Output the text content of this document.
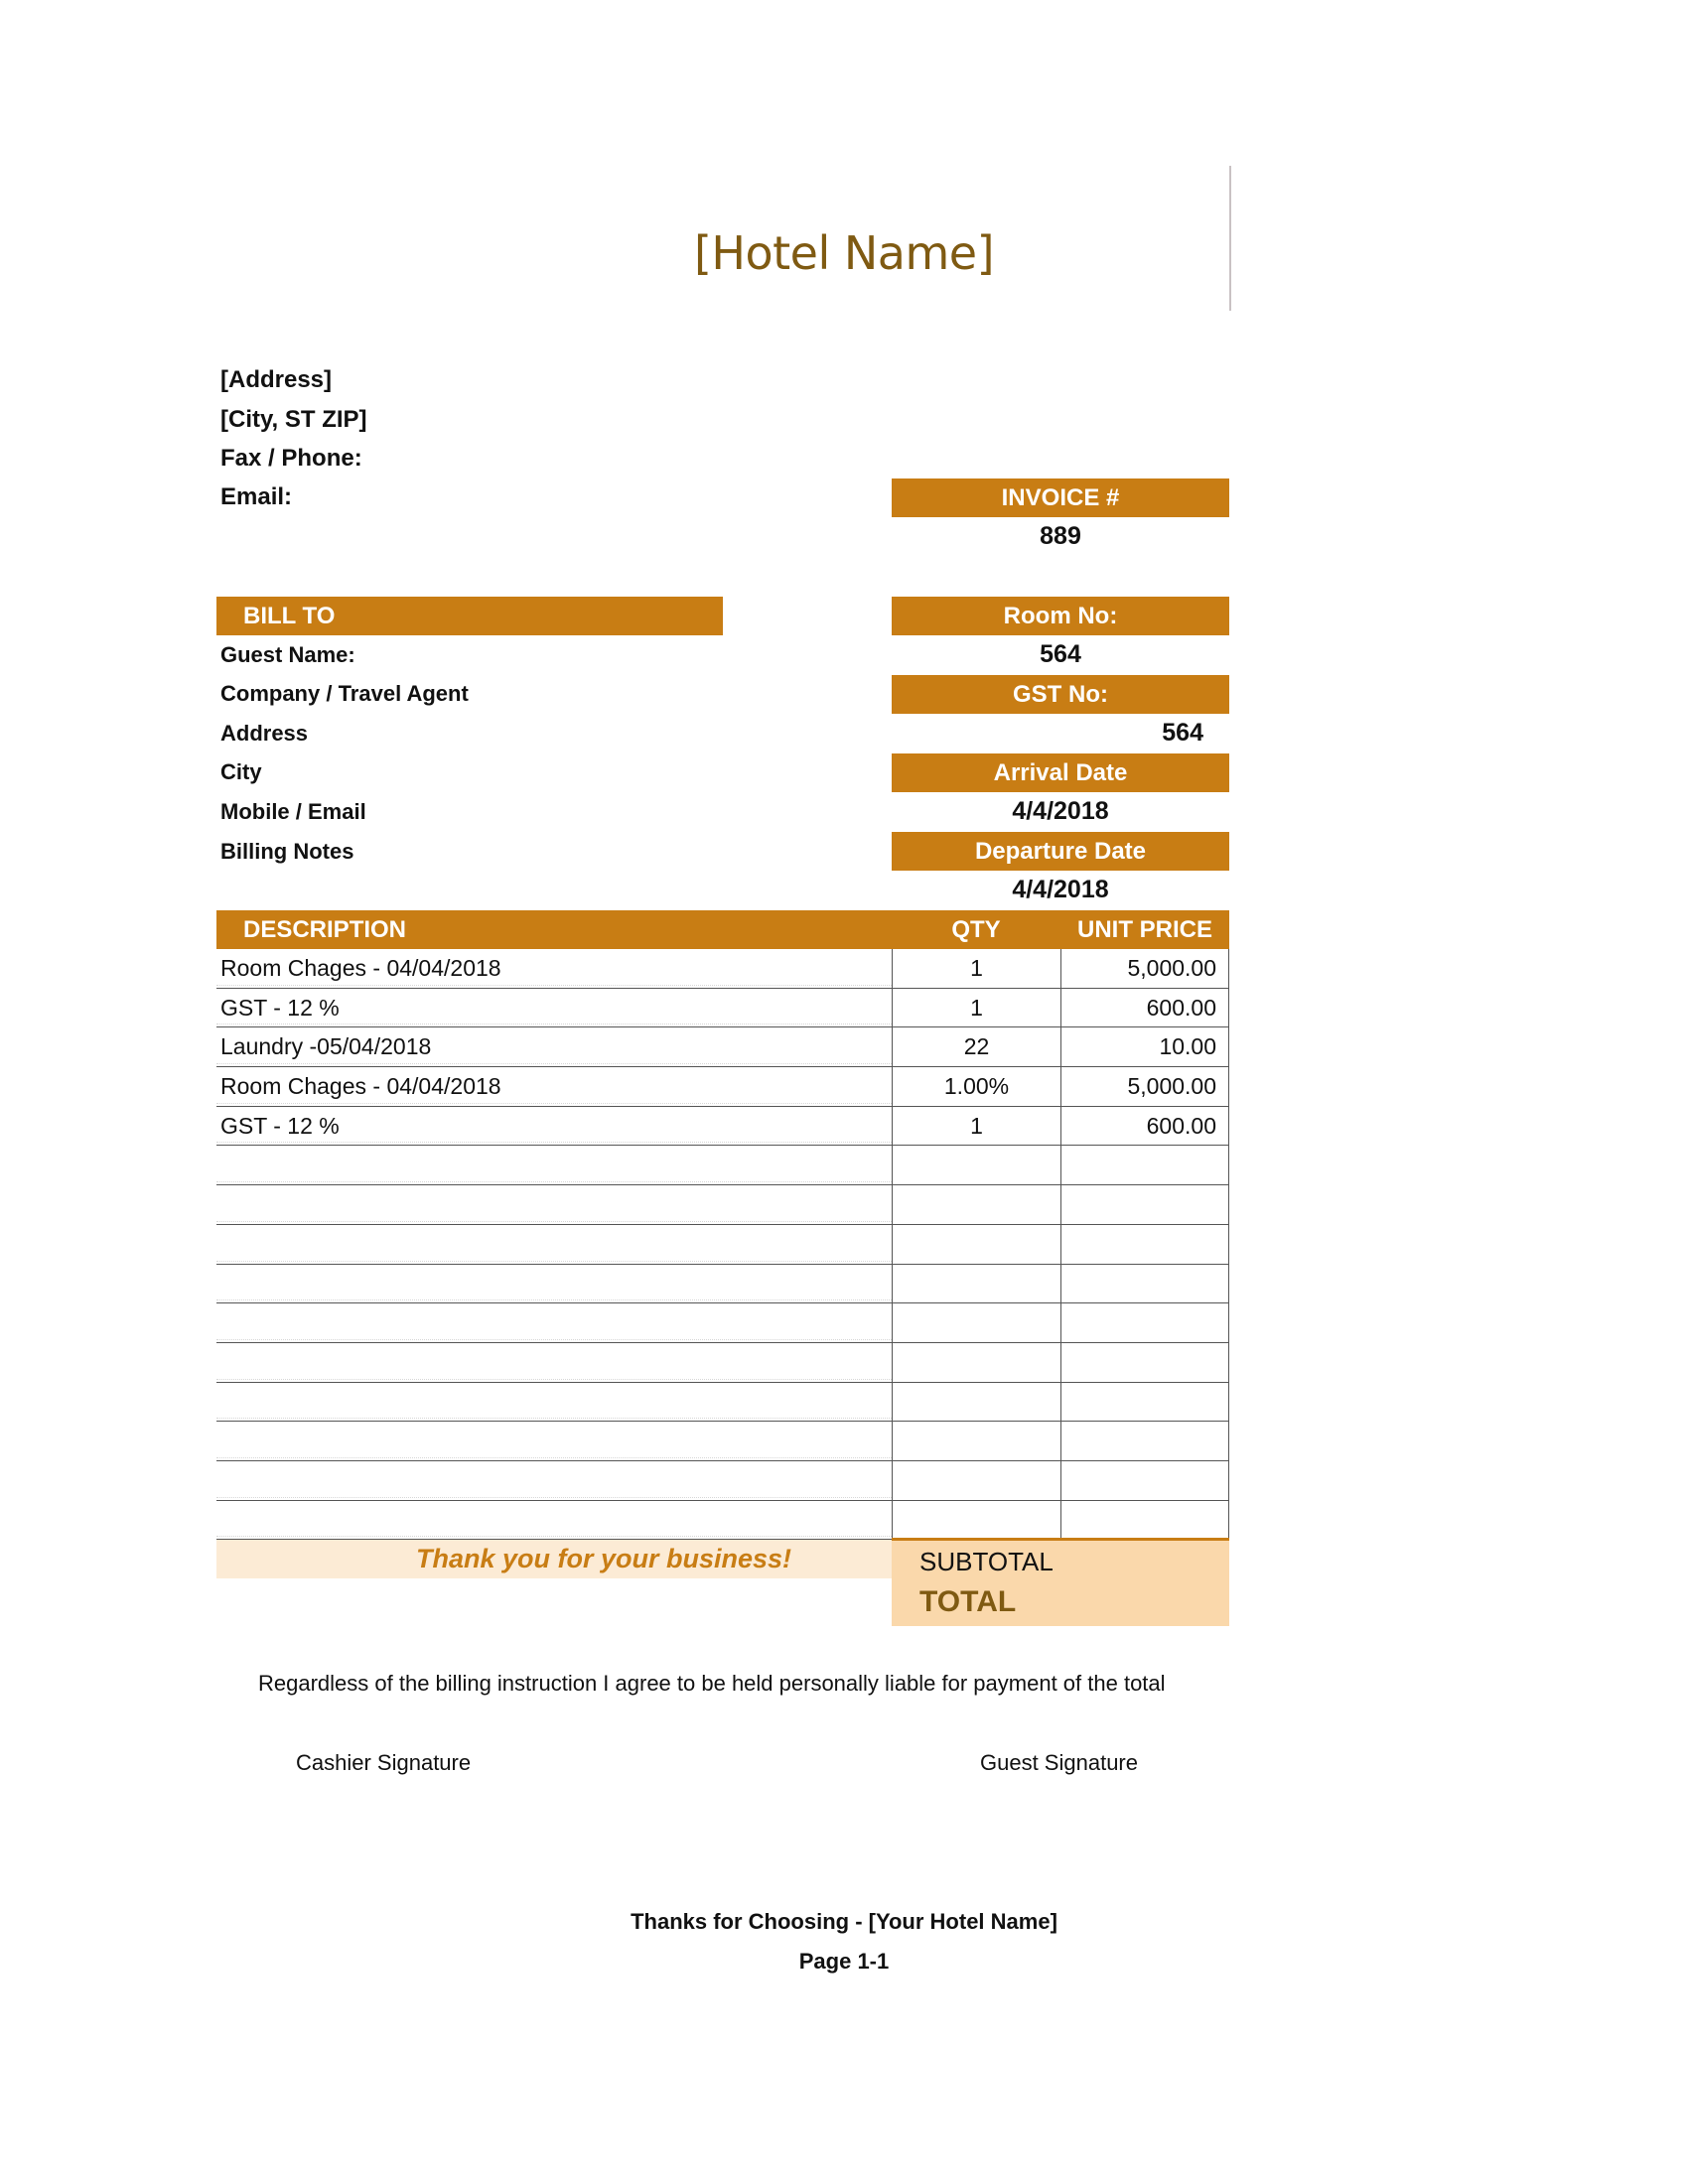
[Hotel Name]
[Address]
[City, ST ZIP]
Fax / Phone:
Email:	INVOICE #
889
BILL TO
Guest Name:
Company / Travel Agent
Address
City
Mobile / Email
Billing Notes
Room No:
564
GST No:
564
Arrival Date
4/4/2018
Departure Date
4/4/2018
DESCRIPTION	QTY	UNIT PRICE
Room Chages - 04/04/2018	1	5,000.00
GST - 12 %	1	600.00
Laundry -05/04/2018	22	10.00
Room Chages - 04/04/2018	1.00%	5,000.00
GST - 12 %	1	600.00
Thank you for your business!	SUBTOTAL
TOTAL
Regardless of the billing instruction I agree to be held personally liable for payment of the total
Cashier Signature	Guest Signature
Thanks for Choosing - [Your Hotel Name]
Page 1-1
